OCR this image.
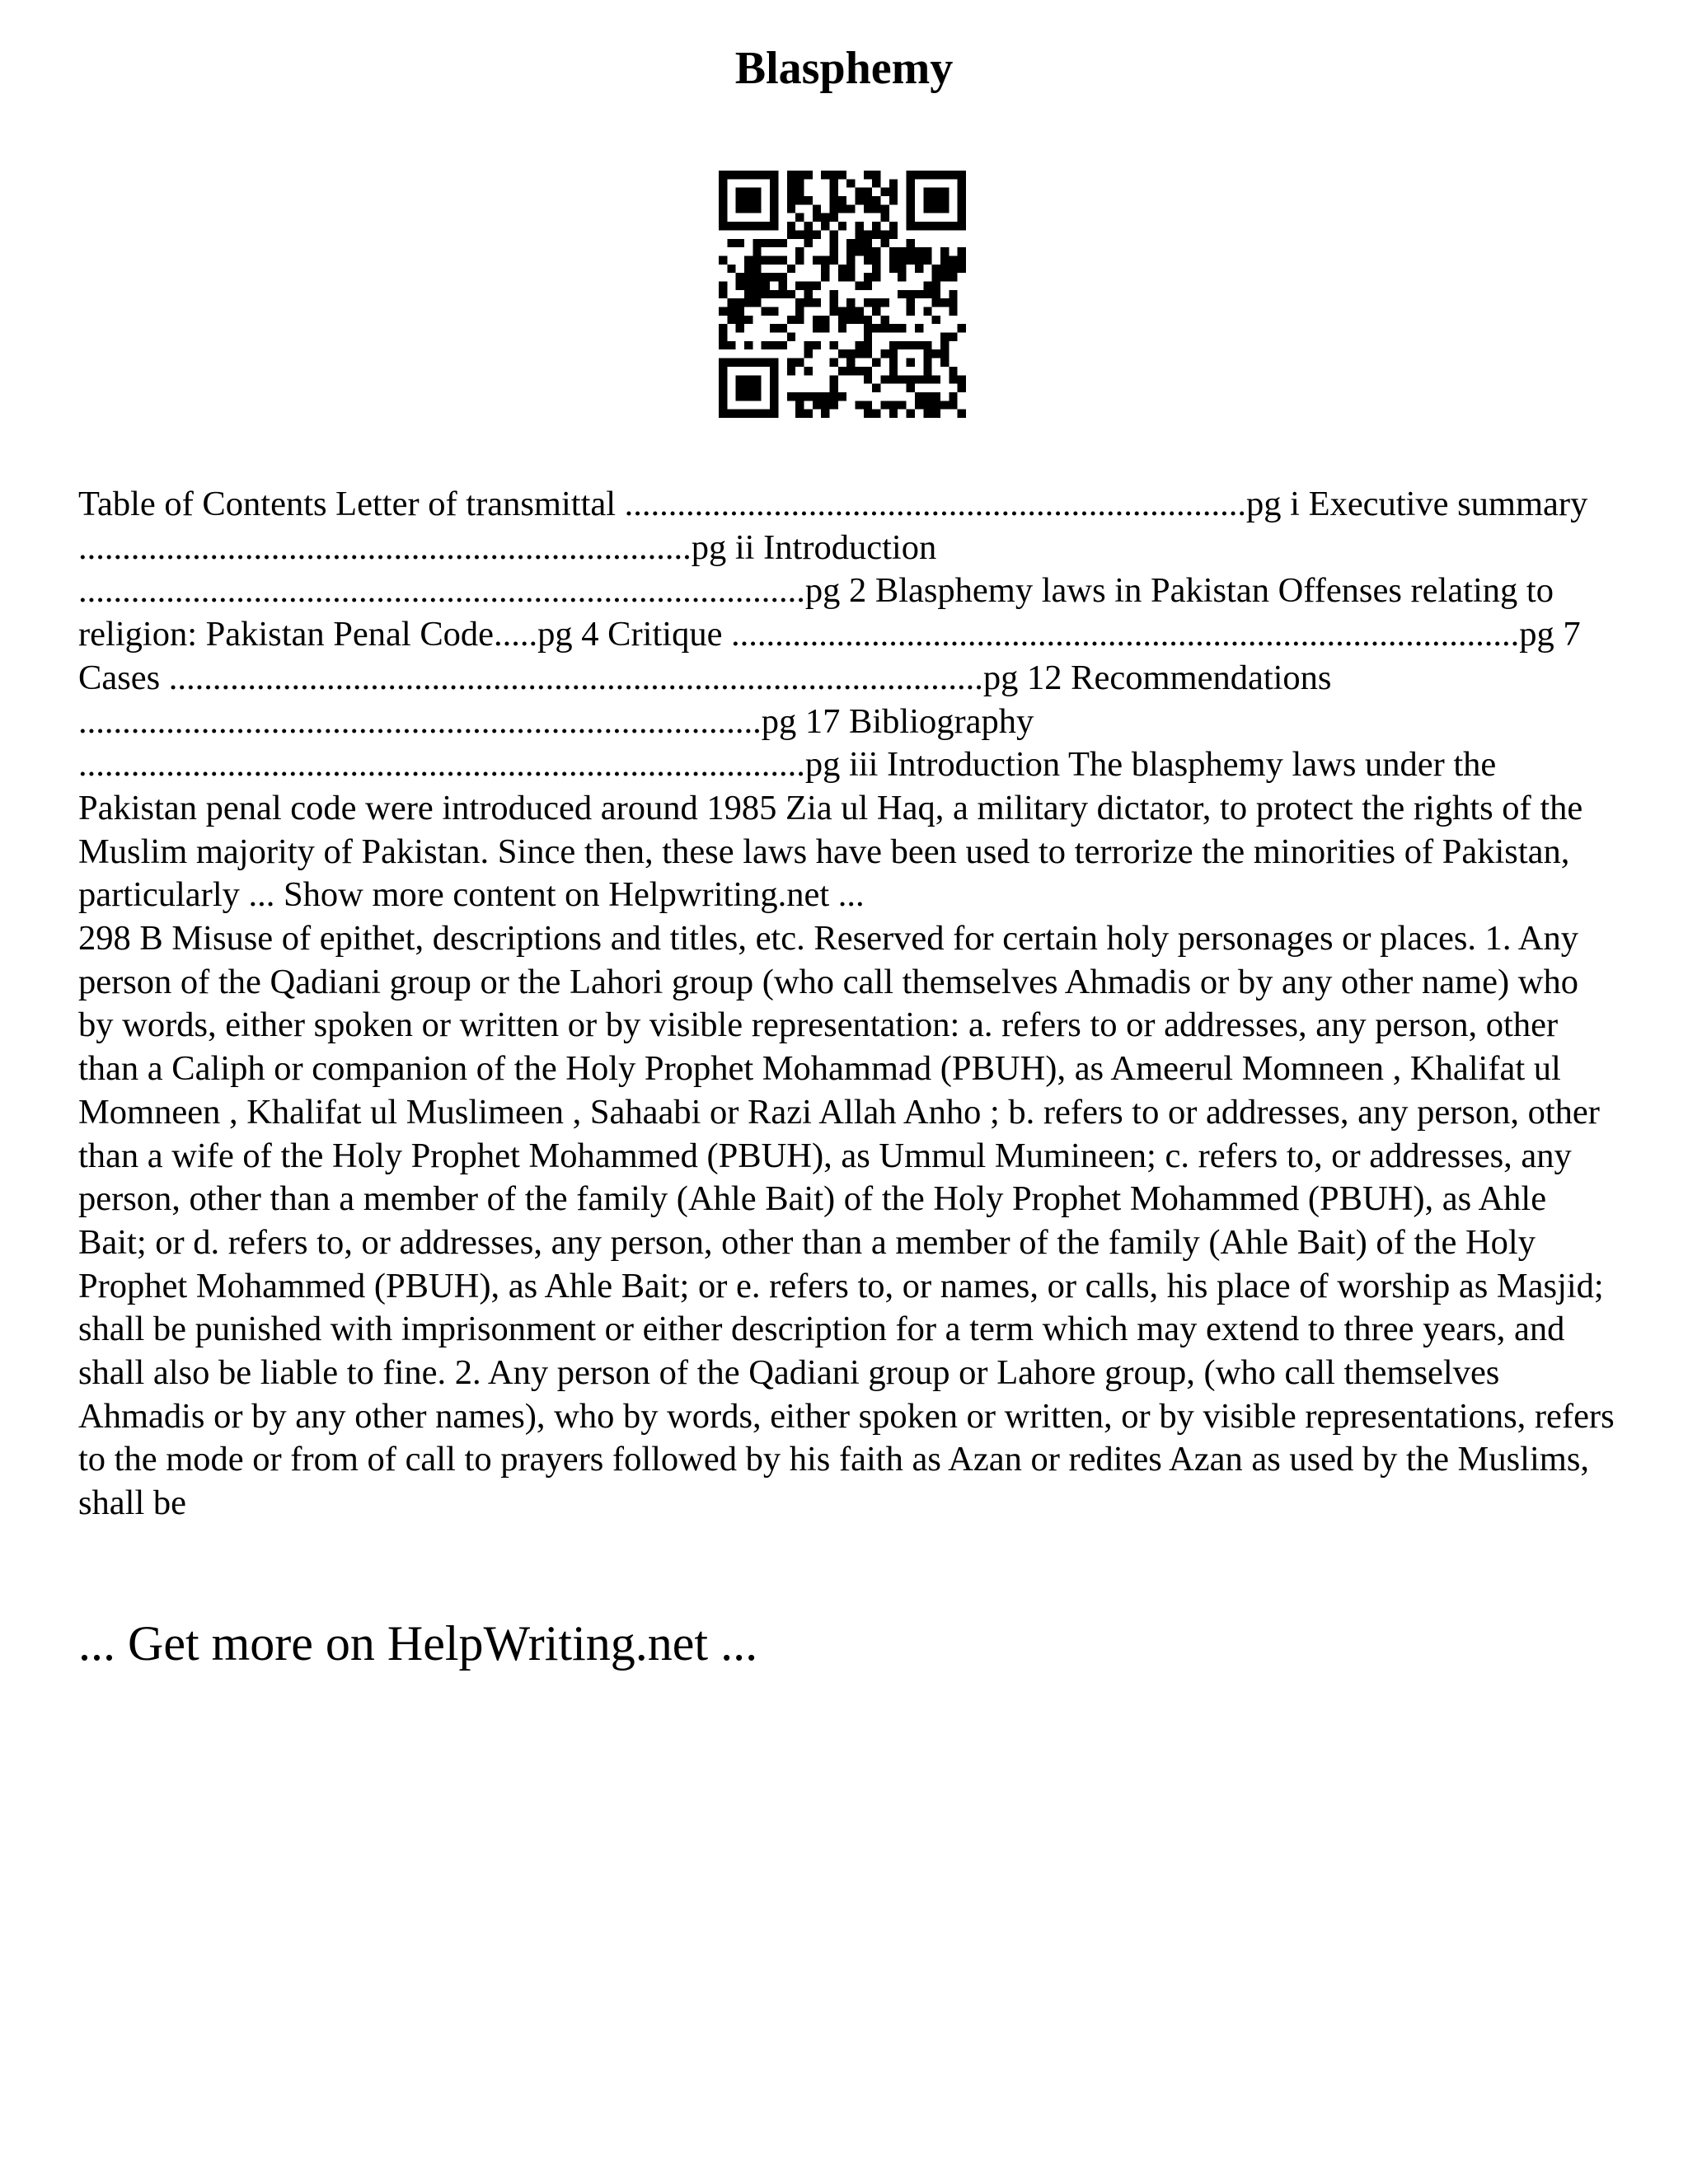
Blasphemy

Table of Contents Letter of transmittal .......................................................................pg i Executive summary ......................................................................pg ii Introduction ...................................................................................pg 2 Blasphemy laws in Pakistan Offenses relating to religion: Pakistan Penal Code.....pg 4 Critique ..........................................................................................pg 7 Cases .............................................................................................pg 12 Recommendations ..............................................................................pg 17 Bibliography ...................................................................................pg iii Introduction The blasphemy laws under the Pakistan penal code were introduced around 1985 Zia ul Haq, a military dictator, to protect the rights of the Muslim majority of Pakistan. Since then, these laws have been used to terrorize the minorities of Pakistan, particularly ... Show more content on Helpwriting.net ...

298 B Misuse of epithet, descriptions and titles, etc. Reserved for certain holy personages or places. 1. Any person of the Qadiani group or the Lahori group (who call themselves Ahmadis or by any other name) who by words, either spoken or written or by visible representation: a. refers to or addresses, any person, other than a Caliph or companion of the Holy Prophet Mohammad (PBUH), as Ameerul Momneen , Khalifat ul Momneen , Khalifat ul Muslimeen , Sahaabi or Razi Allah Anho ; b. refers to or addresses, any person, other than a wife of the Holy Prophet Mohammed (PBUH), as Ummul Mumineen; c. refers to, or addresses, any person, other than a member of the family (Ahle Bait) of the Holy Prophet Mohammed (PBUH), as Ahle Bait; or d. refers to, or addresses, any person, other than a member of the family (Ahle Bait) of the Holy Prophet Mohammed (PBUH), as Ahle Bait; or e. refers to, or names, or calls, his place of worship as Masjid; shall be punished with imprisonment or either description for a term which may extend to three years, and shall also be liable to fine. 2. Any person of the Qadiani group or Lahore group, (who call themselves Ahmadis or by any other names), who by words, either spoken or written, or by visible representations, refers to the mode or from of call to prayers followed by his faith as Azan or redites Azan as used by the Muslims, shall be

... Get more on HelpWriting.net ...
